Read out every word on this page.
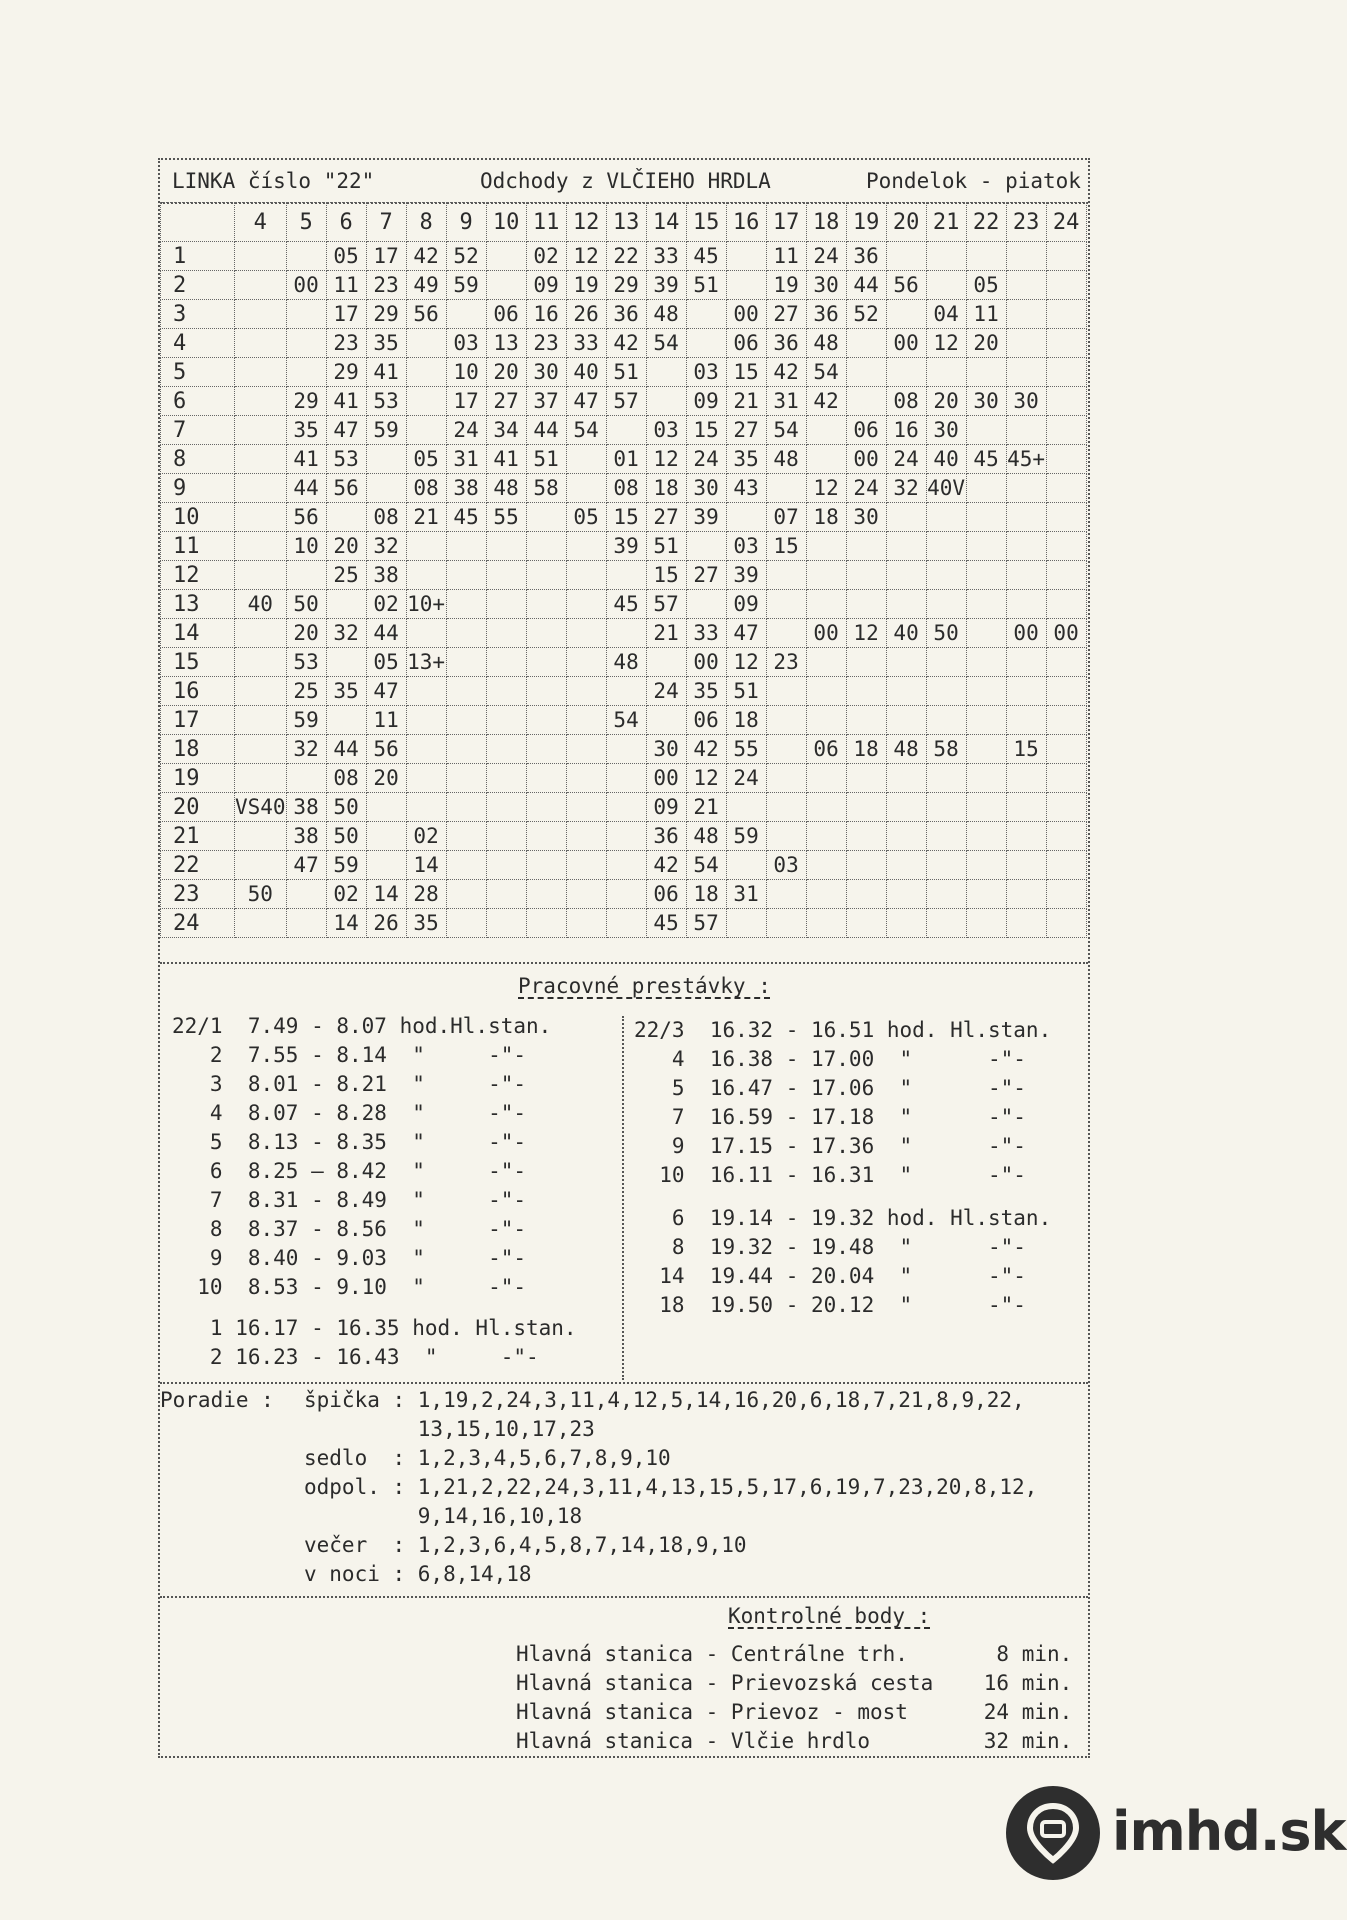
LINKA číslo "22"	Odchody z VLČIEHO HRDLA	Pondelok - piatok
	4	5	6	7	8	9	10	11	12	13	14	15	16	17	18	19	20	21	22	23	24
1			05	17	42	52		02	12	22	33	45		11	24	36					
2		00	11	23	49	59		09	19	29	39	51		19	30	44	56		05		
3			17	29	56		06	16	26	36	48		00	27	36	52		04	11		
4			23	35		03	13	23	33	42	54		06	36	48		00	12	20		
5			29	41		10	20	30	40	51		03	15	42	54						
6		29	41	53		17	27	37	47	57		09	21	31	42		08	20	30	30	
7		35	47	59		24	34	44	54		03	15	27	54		06	16	30			
8		41	53		05	31	41	51		01	12	24	35	48		00	24	40	45	45+	
9		44	56		08	38	48	58		08	18	30	43		12	24	32	40V			
10		56		08	21	45	55		05	15	27	39		07	18	30					
11		10	20	32						39	51		03	15							
12			25	38							15	27	39								
13	40	50		02	10+					45	57		09								
14		20	32	44							21	33	47		00	12	40	50		00	00
15		53		05	13+					48		00	12	23							
16		25	35	47							24	35	51								
17		59		11						54		06	18								
18		32	44	56							30	42	55		06	18	48	58		15	
19			08	20							00	12	24								
20	VS40	38	50								09	21									
21		38	50		02						36	48	59								
22		47	59		14						42	54		03							
23	50		02	14	28						06	18	31								
24			14	26	35						45	57									
Pracovné prestávky :
22/1  7.49 - 8.07 hod.Hl.stan.
2  7.55 - 8.14  "     -"-
3  8.01 - 8.21  "     -"-
4  8.07 - 8.28  "     -"-
5  8.13 - 8.35  "     -"-
6  8.25 — 8.42  "     -"-
7  8.31 - 8.49  "     -"-
8  8.37 - 8.56  "     -"-
9  8.40 - 9.03  "     -"-
10  8.53 - 9.10  "     -"-
1 16.17 - 16.35 hod. Hl.stan.
2 16.23 - 16.43  "     -"-
22/3  16.32 - 16.51 hod. Hl.stan.
4  16.38 - 17.00  "      -"-
5  16.47 - 17.06  "      -"-
7  16.59 - 17.18  "      -"-
9  17.15 - 17.36  "      -"-
10  16.11 - 16.31  "      -"-
6  19.14 - 19.32 hod. Hl.stan.
8  19.32 - 19.48  "      -"-
14  19.44 - 20.04  "      -"-
18  19.50 - 20.12  "      -"-
Poradie : špička : 1,19,2,24,3,11,4,12,5,14,16,20,6,18,7,21,8,9,22,
13,15,10,17,23
sedlo  : 1,2,3,4,5,6,7,8,9,10
odpol. : 1,21,2,22,24,3,11,4,13,15,5,17,6,19,7,23,20,8,12,
9,14,16,10,18
večer  : 1,2,3,6,4,5,8,7,14,18,9,10
v noci : 6,8,14,18
Kontrolné body :
Hlavná stanica - Centrálne trh.       8 min.
Hlavná stanica - Prievozská cesta    16 min.
Hlavná stanica - Prievoz - most      24 min.
Hlavná stanica - Vlčie hrdlo         32 min.
imhd.sk
